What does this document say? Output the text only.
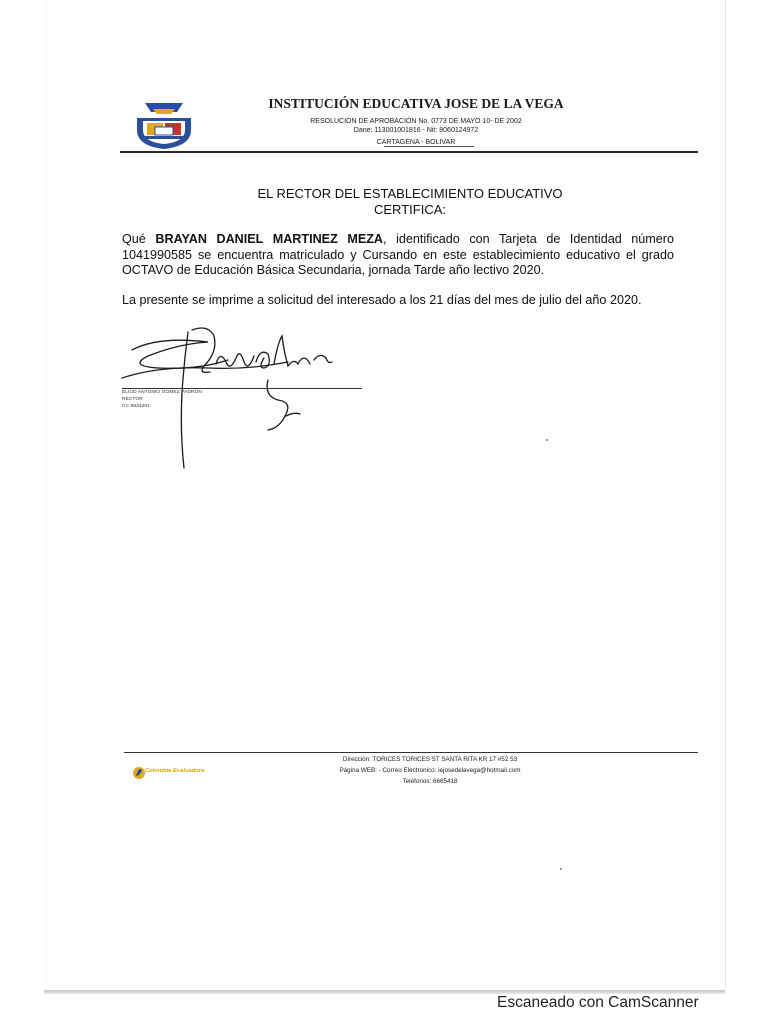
INSTITUCIÓN EDUCATIVA JOSE DE LA VEGA
RESOLUCIÓN DE APROBACIÓN No. 0773 DE MAYO 10- DE 2002
Dane: 113001001816 - Nit: 8060124972
CARTAGENA - BOLIVAR
EL RECTOR DEL ESTABLECIMIENTO EDUCATIVO
CERTIFICA:
Qué BRAYAN DANIEL MARTINEZ MEZA, identificado con Tarjeta de Identidad número 1041990585 se encuentra matriculado y Cursando en este establecimiento educativo el grado OCTAVO de Educación Básica Secundaria, jornada Tarde año lectivo 2020.
La presente se imprime a solicitud del interesado a los 21 días del mes de julio del año 2020.
ELIUD ANTONIO GOMEZ PADRON
RECTOR
CC 8834201
Dirección: TORICES TORICES ST SANTA RITA KR 17 #52 53
Página WEB: - Correo Electronico: iejosedelavega@hotmail.com
Teléfonos: 6665418
Colombia Evaluadora
Escaneado con CamScanner
